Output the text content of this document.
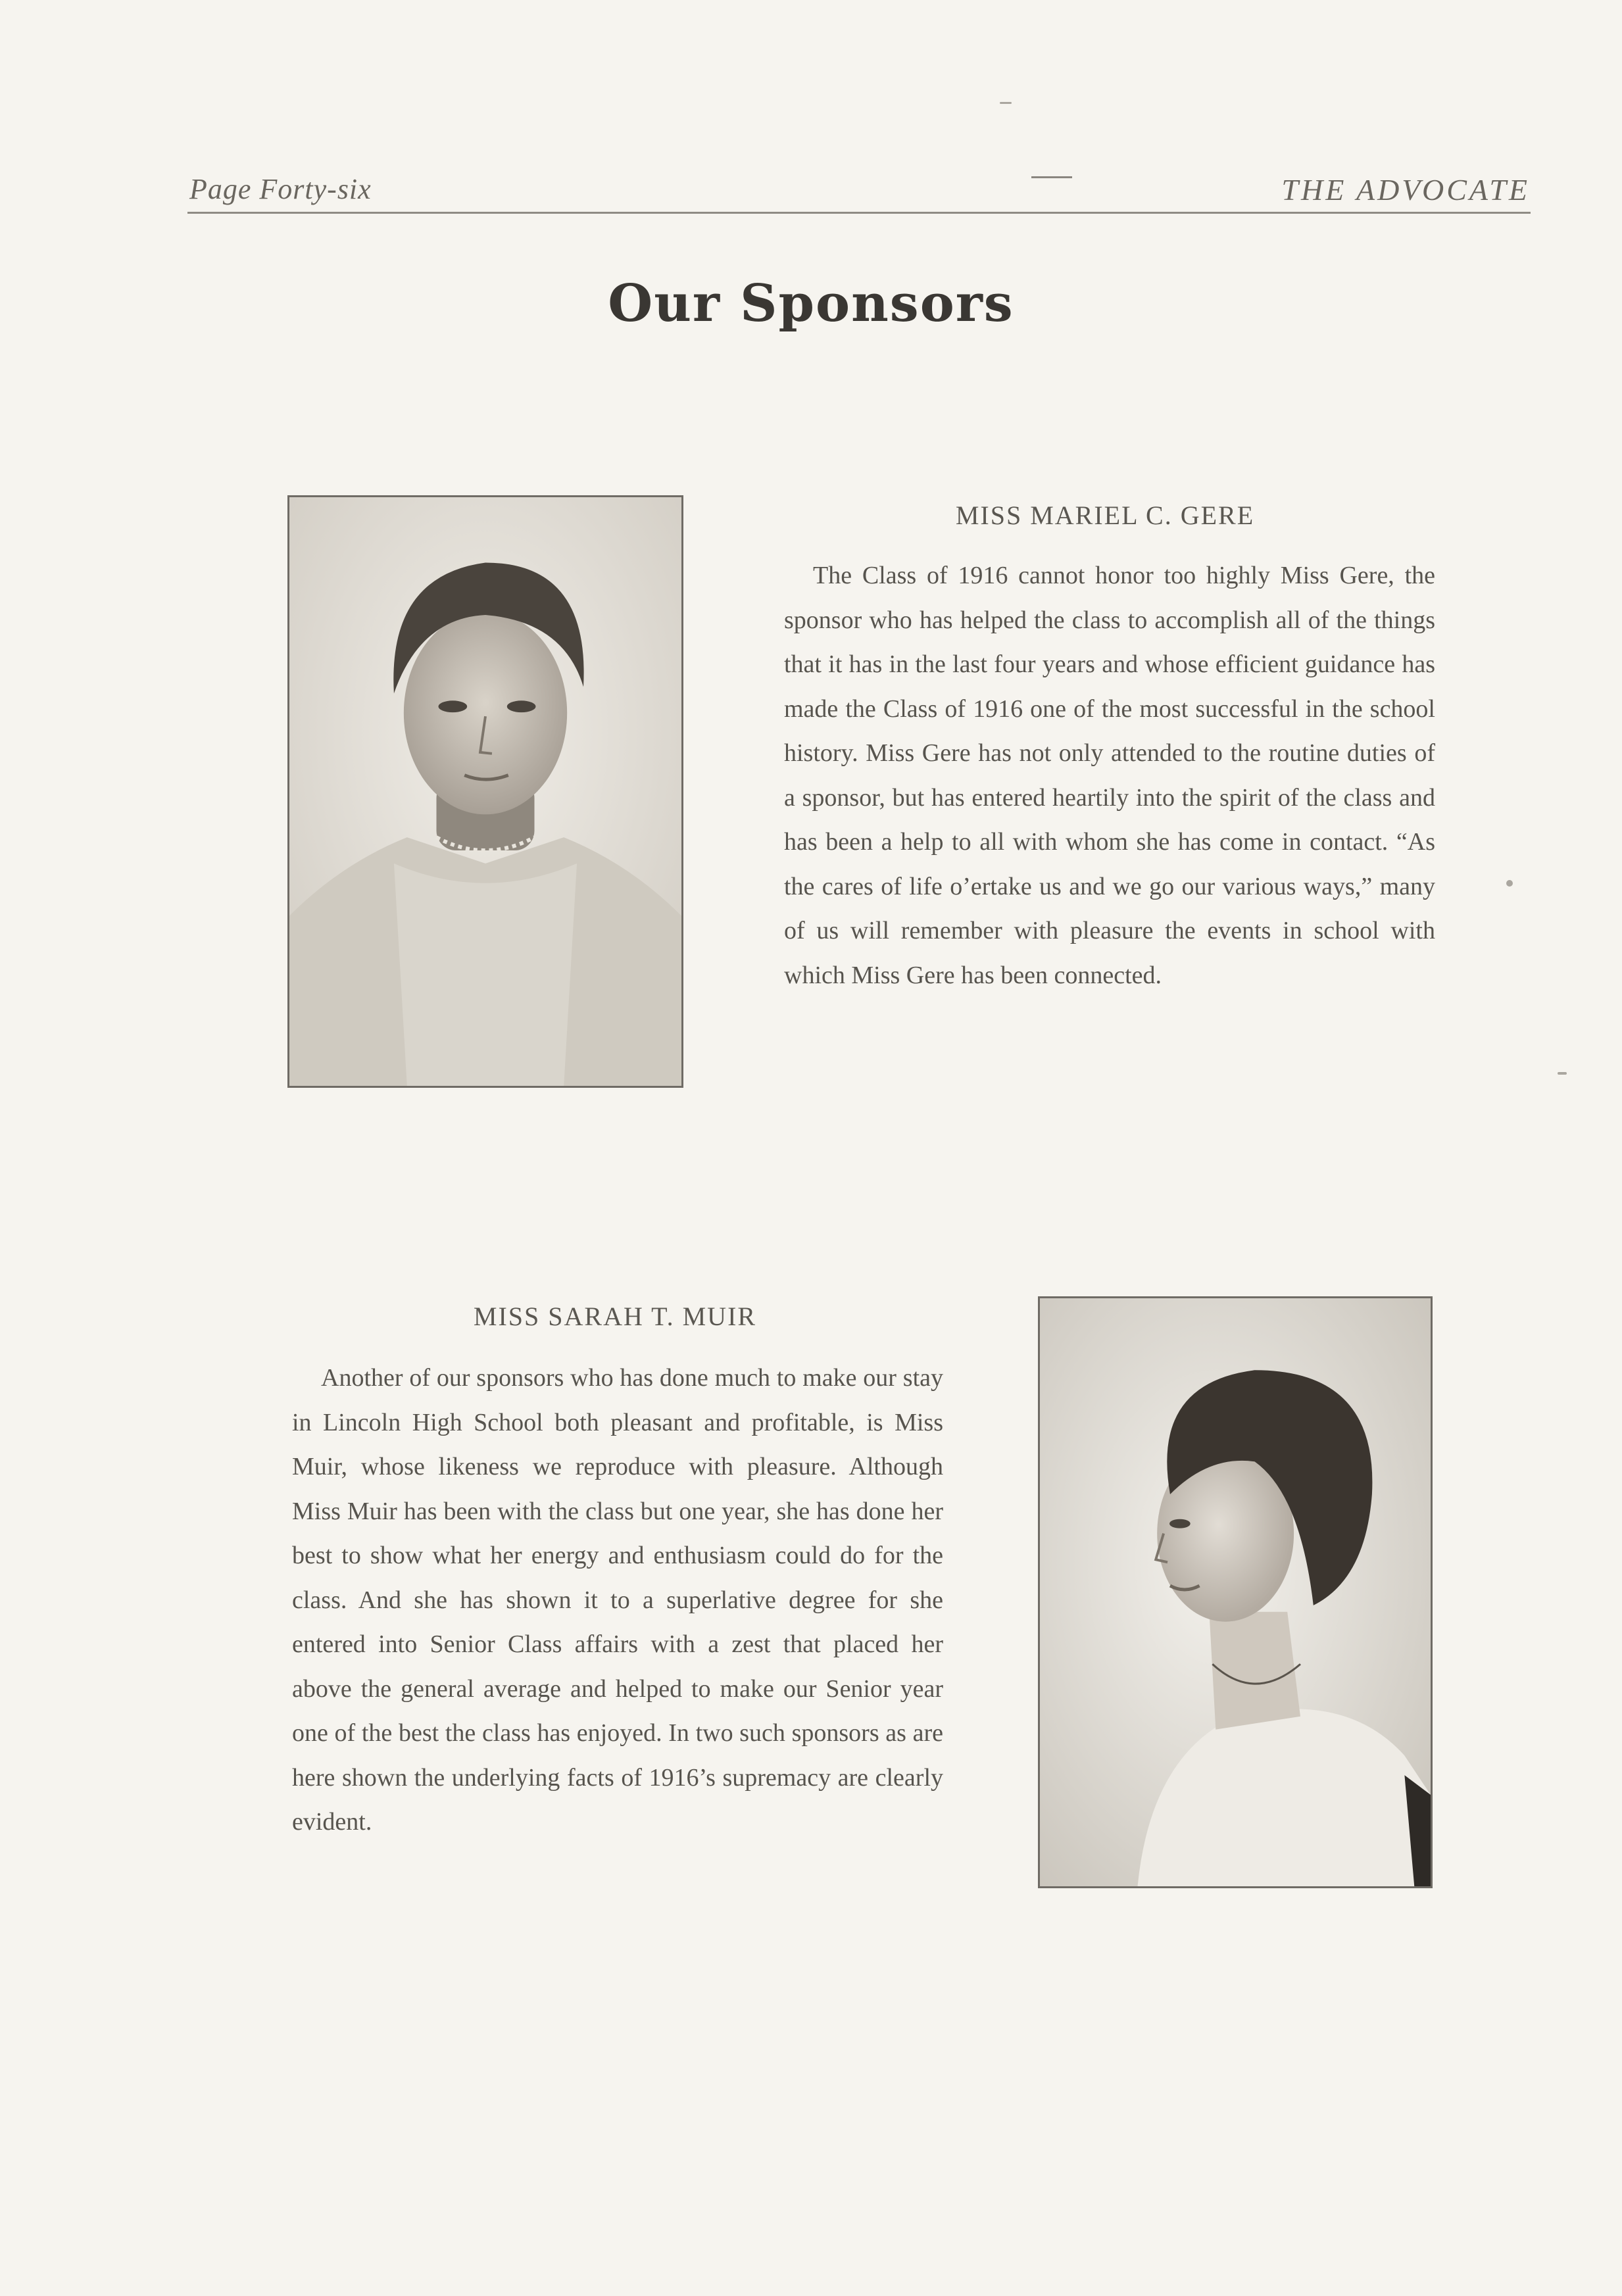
Page Forty-six	THE ADVOCATE
Our Sponsors
MISS MARIEL C. GERE

The Class of 1916 cannot honor too highly Miss Gere, the sponsor who has helped the class to accomplish all of the things that it has in the last four years and whose efficient guidance has made the Class of 1916 one of the most successful in the school history. Miss Gere has not only attended to the routine duties of a sponsor, but has entered heartily into the spirit of the class and has been a help to all with whom she has come in contact. “As the cares of life o’ertake us and we go our various ways,” many of us will remember with pleasure the events in school with which Miss Gere has been connected.

MISS SARAH T. MUIR

Another of our sponsors who has done much to make our stay in Lincoln High School both pleasant and profitable, is Miss Muir, whose likeness we reproduce with pleasure. Although Miss Muir has been with the class but one year, she has done her best to show what her energy and enthusiasm could do for the class. And she has shown it to a superlative degree for she entered into Senior Class affairs with a zest that placed her above the general average and helped to make our Senior year one of the best the class has enjoyed. In two such sponsors as are here shown the underlying facts of 1916’s supremacy are clearly evident.
